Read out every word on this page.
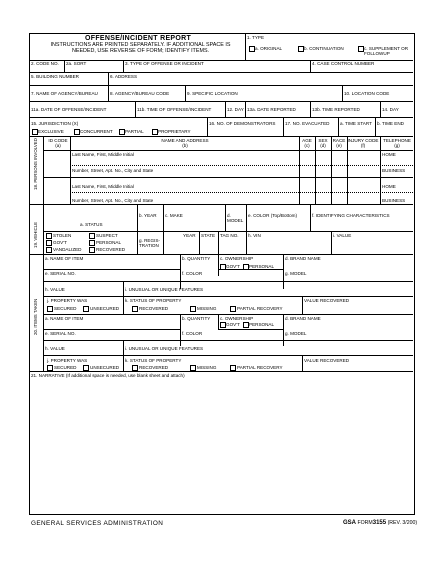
OFFENSE/INCIDENT REPORT
INSTRUCTIONS ARE PRINTED SEPARATELY. IF ADDITIONAL SPACE IS NEEDED, USE REVERSE OF FORM; IDENTIFY ITEMS.
1. TYPE
a. ORIGINAL	b. CONTINUATION	c. SUPPLEMENT OR FOLLOWUP
2. CODE NO. 2a. SORT	3. TYPE OF OFFENSE OR INCIDENT	4. CASE CONTROL NUMBER
5. BUILDING NUMBER	6. ADDRESS
7. NAME OF AGENCY/BUREAU	8. AGENCY/BUREAU CODE	9. SPECIFIC LOCATION	10. LOCATION CODE
11a. DATE OF OFFENSE/INCIDENT	11b. TIME OF OFFENSE/INCIDENT	12. DAY 13a. DATE REPORTED	13b. TIME REPORTED	14. DAY
15. JURISDICTION (X)
EXCLUSIVE	CONCURRENT	PARTIAL	PROPRIETARY
16. NO. OF DEMONSTRATORS 17. NO. EVACUATED a. TIME START b. TIME END
18. PERSONS INVOLVED	ID CODE (a)
NAME AND ADDRESS (b)
AGE (c)
SEX (d)
RACE (e)
INJURY CODE (f)
TELEPHONE (g)
Last Name, First, Middle Initial	HOME
Number, Street, Apt. No., City and State	BUSINESS
Last Name, First, Middle Initial	HOME
Number, Street, Apt. No., City and State	BUSINESS
19. VEHICLE	a. STATUS
b. YEAR c. MAKE	d. MODEL
e. COLOR (Top/Bottom)	f. IDENTIFYING CHARACTERISTICS
STOLEN	SUSPECT
GOV'T	PERSONAL
VANDALIZED	RECOVERED
g. REGIS- TRATION
YEAR STATE TAG NO. h. VIN	i. VALUE
20. ITEMS TAKEN
a. NAME OF ITEM	b. QUANTITY c. OWNERSHIP
GOV'T PERSONAL
d. BRAND NAME
e. SERIAL NO.	f. COLOR	g. MODEL
h. VALUE	i. UNUSUAL OR UNIQUE FEATURES
j. PROPERTY WAS
SECURED	UNSECURED
k. STATUS OF PROPERTY
RECOVERED	MISSING	PARTIAL RECOVERY
VALUE RECOVERED
a. NAME OF ITEM	b. QUANTITY c. OWNERSHIP
GOV'T PERSONAL
d. BRAND NAME
e. SERIAL NO.	f. COLOR	g. MODEL
h. VALUE	i. UNUSUAL OR UNIQUE FEATURES
j. PROPERTY WAS
SECURED	UNSECURED
k. STATUS OF PROPERTY
RECOVERED	MISSING	PARTIAL RECOVERY
VALUE RECOVERED
21. NARRATIVE (If additional space is needed, use blank sheet and attach)
GENERAL SERVICES ADMINISTRATION	GSA FORM3155 (REV. 3/200)
